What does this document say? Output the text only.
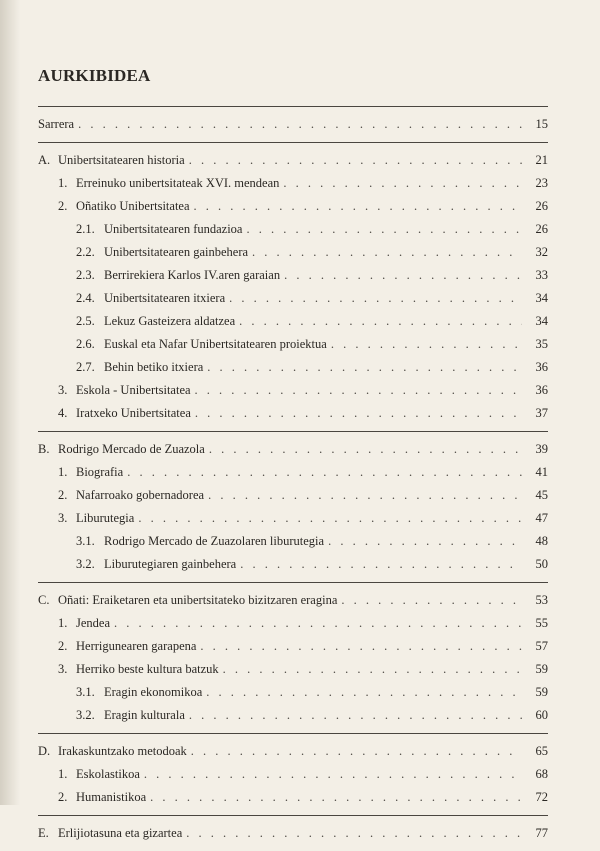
AURKIBIDEA
Sarrera . . .	15
A. Unibertsitatearen historia . . .	21
1. Erreinuko unibertsitateak XVI. mendean . . .	23
2. Oñatiko Unibertsitatea . . .	26
2.1. Unibertsitatearen fundazioa . . .	26
2.2. Unibertsitatearen gainbehera . . .	32
2.3. Berrirekiera Karlos IV.aren garaian . . .	33
2.4. Unibertsitatearen itxiera . . .	34
2.5. Lekuz Gasteizera aldatzea . . .	34
2.6. Euskal eta Nafar Unibertsitatearen proiektua . . .	35
2.7. Behin betiko itxiera . . .	36
3. Eskola - Unibertsitatea . . .	36
4. Iratxeko Unibertsitatea . . .	37
B. Rodrigo Mercado de Zuazola . . .	39
1. Biografia . . .	41
2. Nafarroako gobernadorea . . .	45
3. Liburutegia . . .	47
3.1. Rodrigo Mercado de Zuazolaren liburutegia . . .	48
3.2. Liburutegiaren gainbehera . . .	50
C. Oñati: Eraiketaren eta unibertsitateko bizitzaren eragina . . .	53
1. Jendea . . .	55
2. Herrigunearen garapena . . .	57
3. Herriko beste kultura batzuk . . .	59
3.1. Eragin ekonomikoa . . .	59
3.2. Eragin kulturala . . .	60
D. Irakaskuntzako metodoak . . .	65
1. Eskolastikoa . . .	68
2. Humanistikoa . . .	72
E. Erlijiotasuna eta gizartea . . .	77
